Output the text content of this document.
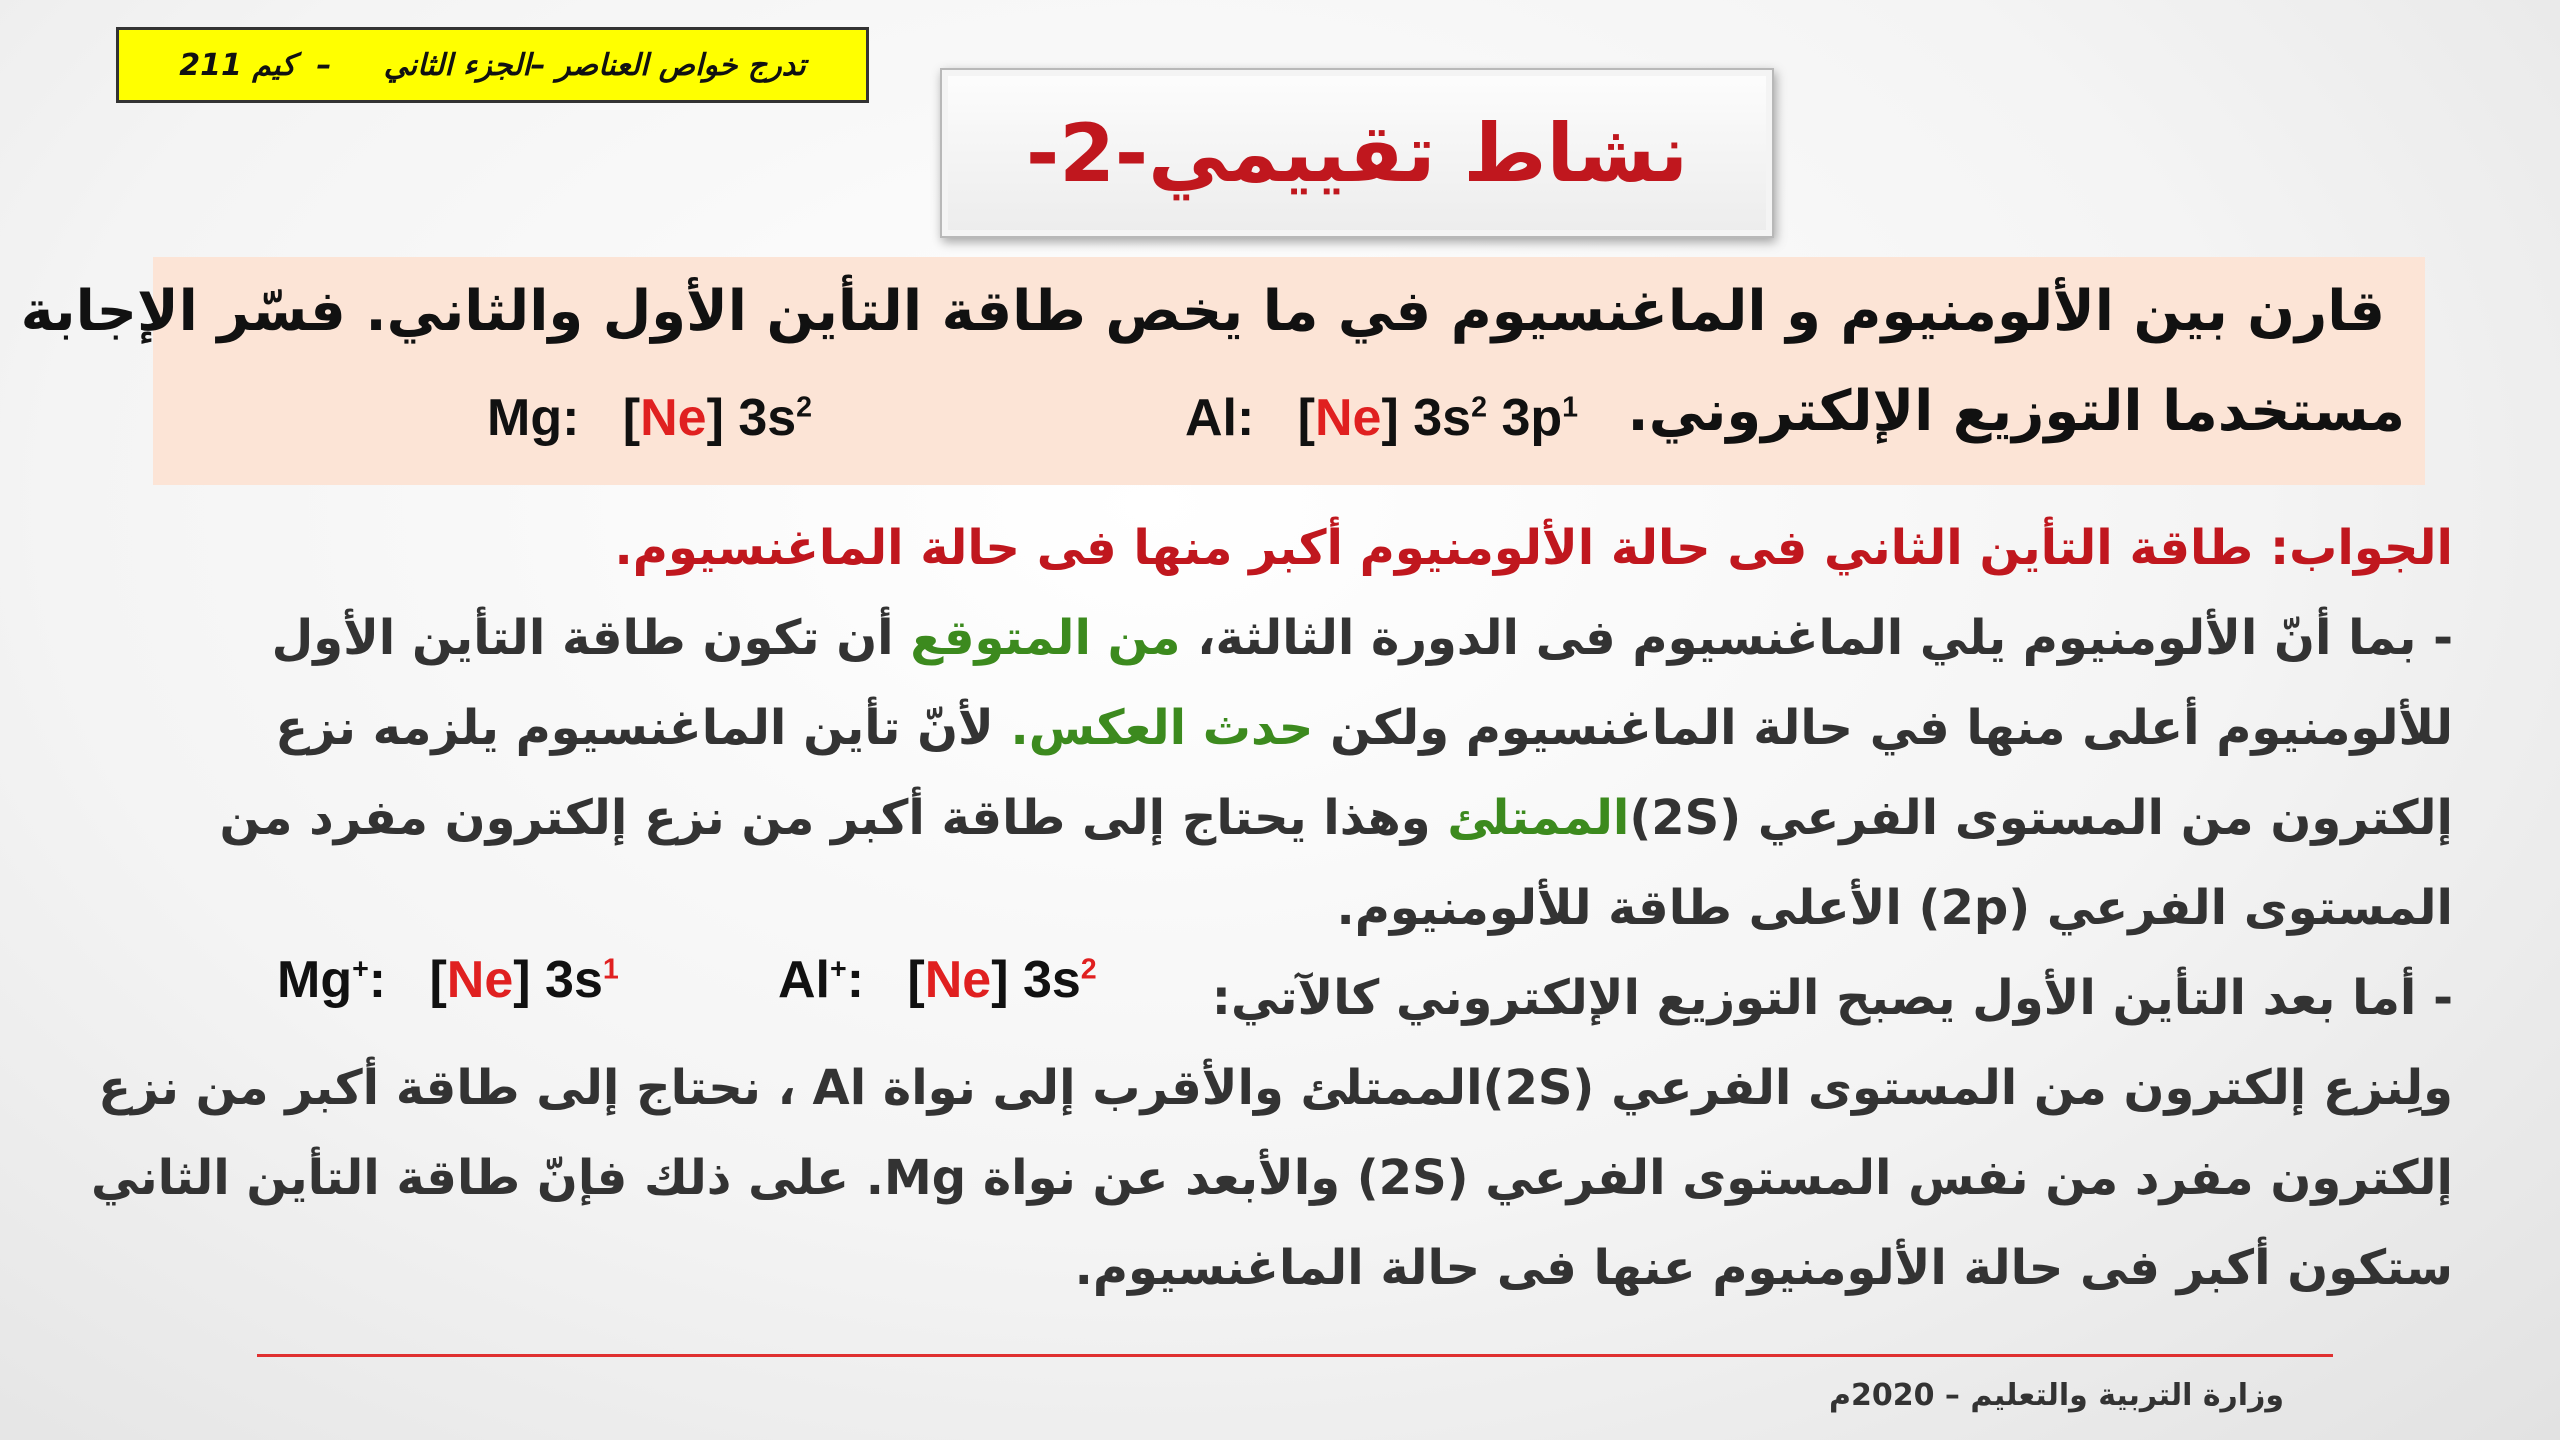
تدرج خواص العناصر –الجزء الثاني     –  كيم 211
نشاط تقييمي-2-
قارن بين الألومنيوم و الماغنسيوم في ما يخص طاقة التأين الأول والثاني. فسّر الإجابة
مستخدما التوزيع الإلكتروني.
Al:   [Ne] $3s^2$ $3p^1$
Mg:   [Ne] $3s^2$
الجواب: طاقة التأين الثاني فى حالة الألومنيوم أكبر منها فى حالة الماغنسيوم.
- بما أنّ الألومنيوم يلي الماغنسيوم فى الدورة الثالثة، من المتوقع أن تكون طاقة التأين الأول
للألومنيوم أعلى منها في حالة الماغنسيوم ولكن حدث العكس. لأنّ تأين الماغنسيوم يلزمه نزع
إلكترون من المستوى الفرعي (2S)الممتلئ وهذا يحتاج إلى طاقة أكبر من نزع إلكترون مفرد من
المستوى الفرعي (2p) الأعلى طاقة للألومنيوم.
- أما بعد التأين الأول يصبح التوزيع الإلكتروني كالآتي:
ولِنزع إلكترون من المستوى الفرعي (2S)الممتلئ والأقرب إلى نواة Al ، نحتاج إلى طاقة أكبر من نزع
إلكترون مفرد من نفس المستوى الفرعي (2S) والأبعد عن نواة Mg. على ذلك فإنّ طاقة التأين الثاني
ستكون أكبر فى حالة الألومنيوم عنها فى حالة الماغنسيوم.
Al+:   [Ne] $3s^2$
Mg+:   [Ne] $3s^1$
وزارة التربية والتعليم – 2020م
